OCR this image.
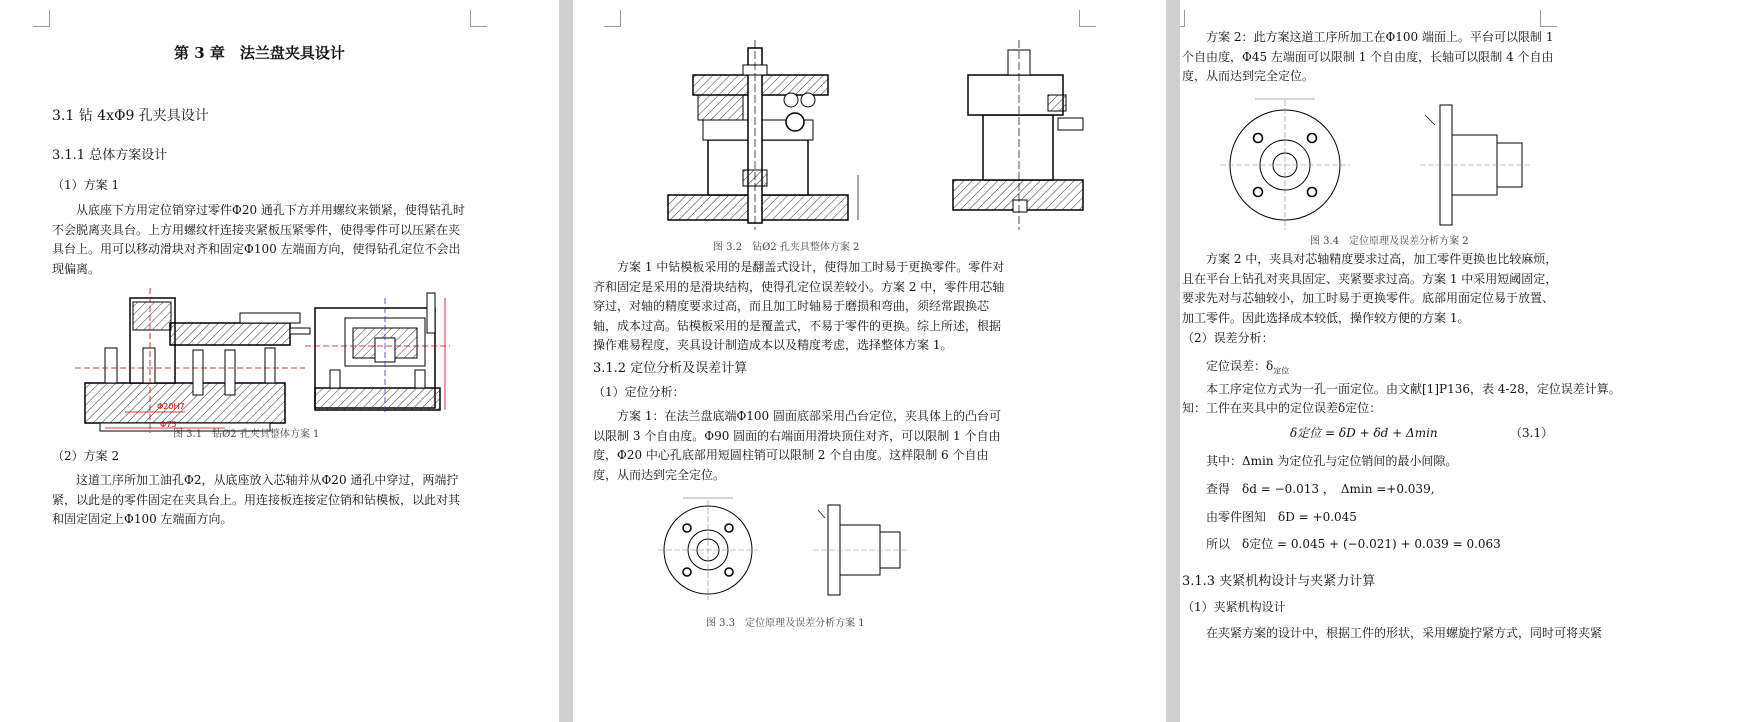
第 3 章　法兰盘夹具设计
3.1 钻 4xΦ9 孔夹具设计
3.1.1 总体方案设计
（1）方案 1
从底座下方用定位销穿过零件Φ20 通孔下方并用螺纹来锁紧，使得钻孔时不会脱离夹具台。上方用螺纹杆连接夹紧板压紧零件，使得零件可以压紧在夹具台上。用可以移动滑块对齐和固定Φ100 左端面方向，使得钻孔定位不会出现偏离。
Φ20H7
Φ75
图 3.1　钻Ø2 孔夹具整体方案 1
（2）方案 2
这道工序所加工油孔Φ2，从底座放入芯轴并从Φ20 通孔中穿过，两端拧紧，以此是的零件固定在夹具台上。用连接板连接定位销和钻模板，以此对其和固定固定上Φ100 左端面方向。
图 3.2　钻Ø2 孔夹具整体方案 2
方案 1 中钻模板采用的是翻盖式设计，使得加工时易于更换零件。零件对齐和固定是采用的是滑块结构，使得孔定位误差较小。方案 2 中，零件用芯轴穿过，对轴的精度要求过高，而且加工时轴易于磨损和弯曲，须经常跟换芯轴，成本过高。钻模板采用的是覆盖式，不易于零件的更换。综上所述，根据操作难易程度，夹具设计制造成本以及精度考虑，选择整体方案 1。
3.1.2 定位分析及误差计算
（1）定位分析：
方案 1：在法兰盘底端Φ100 圆面底部采用凸台定位，夹具体上的凸台可以限制 3 个自由度。Φ90 圆面的右端面用滑块顶住对齐，可以限制 1 个自由度，Φ20 中心孔底部用短圆柱销可以限制 2 个自由度。这样限制 6 个自由度，从而达到完全定位。
图 3.3　定位原理及误差分析方案 1
方案 2：此方案这道工序所加工在Φ100 端面上。平台可以限制 1 个自由度，Φ45 左端面可以限制 1 个自由度，长轴可以限制 4 个自由度，从而达到完全定位。
图 3.4　定位原理及误差分析方案 2
方案 2 中，夹具对芯轴精度要求过高，加工零件更换也比较麻烦，且在平台上钻孔对夹具固定、夹紧要求过高。方案 1 中采用短阈固定，要求先对与芯轴较小，加工时易于更换零件。底部用面定位易于放置、加工零件。因此选择成本较低，操作较方便的方案 1。
（2）误差分析：
定位误差：$\delta_{定位}$
本工序定位方式为一孔一面定位。由文献[1]P136，表 4-28，定位误差计算。
知：工件在夹具中的定位误差δ定位：
δ定位 = δD + δd + Δmin	（3.1）
其中：Δmin 为定位孔与定位销间的最小间隙。
查得　δd = −0.013 ，　Δmin =+0.039,
由零件图知　δD = +0.045
所以　δ定位 = 0.045 + (−0.021) + 0.039 = 0.063
3.1.3 夹紧机构设计与夹紧力计算
（1）夹紧机构设计
在夹紧方案的设计中，根据工件的形状，采用螺旋拧紧方式，同时可将夹紧
